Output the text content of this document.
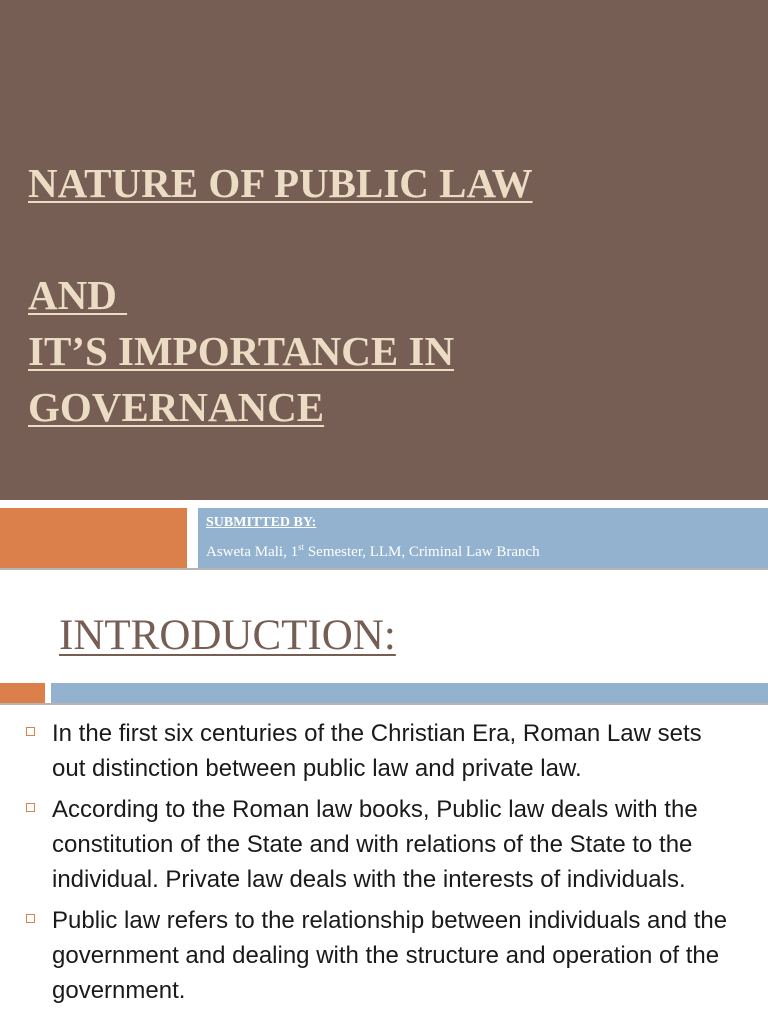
NATURE OF PUBLIC LAW
AND
IT’S IMPORTANCE IN
GOVERNANCE
SUBMITTED BY:
Asweta Mali, 1st Semester, LLM, Criminal Law Branch
INTRODUCTION:
In the first six centuries of the Christian Era, Roman Law sets out distinction between public law and private law.
According to the Roman law books, Public law deals with the constitution of the State and with relations of the State to the individual. Private law deals with the interests of individuals.
Public law refers to the relationship between individuals and the government and dealing with the structure and operation of the government.
